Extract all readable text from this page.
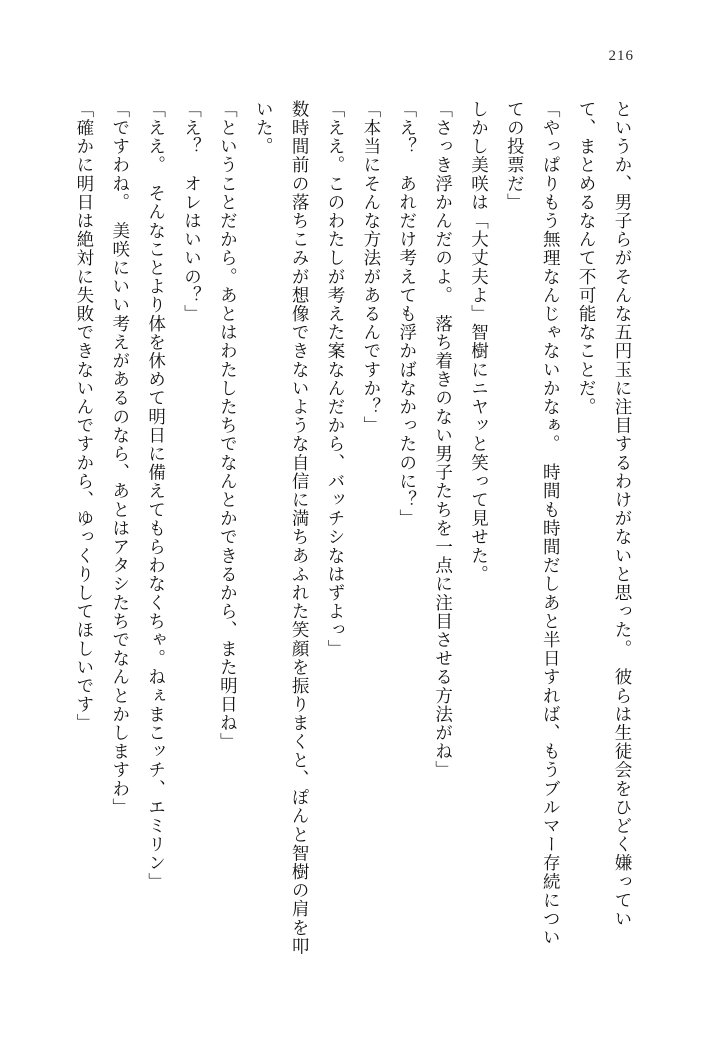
216

というか、男子らがそんな五円玉に注目するわけがないと思った。　彼らは生徒会をひどく嫌っていて、まとめるなんて不可能なことだ。

「やっぱりもう無理なんじゃないかなぁ。　時間も時間だしあと半日すれば、もうブルマー存続についての投票だ」

しかし美咲は「大丈夫よ」智樹にニヤッと笑って見せた。

「さっき浮かんだのよ。　落ち着きのない男子たちを一点に注目させる方法がね」

「え？　あれだけ考えても浮かばなかったのに？」

「本当にそんな方法があるんですか？」

「ええ。このわたしが考えた案なんだから、バッチシなはずよっ」

数時間前の落ちこみが想像できないような自信に満ちあふれた笑顔を振りまくと、ぽんと智樹の肩を叩いた。

「ということだから。あとはわたしたちでなんとかできるから、また明日ね」

「え？　オレはいいの？」

「ええ。　そんなことより体を休めて明日に備えてもらわなくちゃ。ねぇまこッチ、エミリン」

「ですわね。　美咲にいい考えがあるのなら、あとはアタシたちでなんとかしますわ」

「確かに明日は絶対に失敗できないんですから、ゆっくりしてほしいです」
